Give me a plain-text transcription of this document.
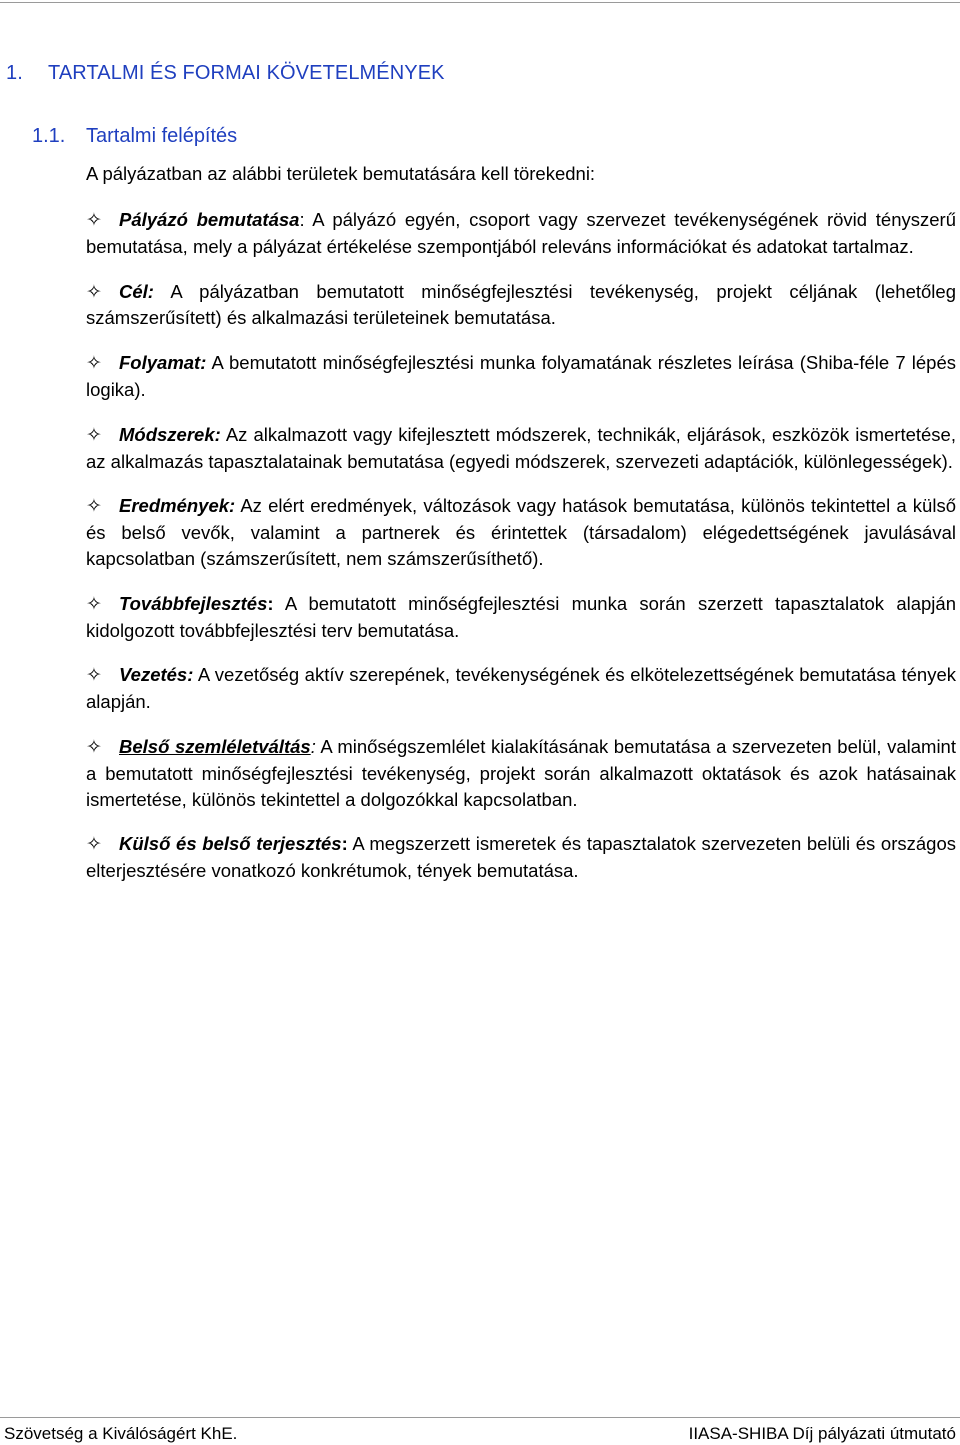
1. TARTALMI ÉS FORMAI KÖVETELMÉNYEK
1.1. Tartalmi felépítés
A pályázatban az alábbi területek bemutatására kell törekedni:
✧ Pályázó bemutatása: A pályázó egyén, csoport vagy szervezet tevékenységének rövid tényszerű bemutatása, mely a pályázat értékelése szempontjából releváns információkat és adatokat tartalmaz.
✧ Cél: A pályázatban bemutatott minőségfejlesztési tevékenység, projekt céljának (lehetőleg számszerűsített) és alkalmazási területeinek bemutatása.
✧ Folyamat: A bemutatott minőségfejlesztési munka folyamatának részletes leírása (Shiba-féle 7 lépés logika).
✧ Módszerek: Az alkalmazott vagy kifejlesztett módszerek, technikák, eljárások, eszközök ismertetése, az alkalmazás tapasztalatainak bemutatása (egyedi módszerek, szervezeti adaptációk, különlegességek).
✧ Eredmények: Az elért eredmények, változások vagy hatások bemutatása, különös tekintettel a külső és belső vevők, valamint a partnerek és érintettek (társadalom) elégedettségének javulásával kapcsolatban (számszerűsített, nem számszerűsíthető).
✧ Továbbfejlesztés: A bemutatott minőségfejlesztési munka során szerzett tapasztalatok alapján kidolgozott továbbfejlesztési terv bemutatása.
✧ Vezetés: A vezetőség aktív szerepének, tevékenységének és elkötelezettségének bemutatása tények alapján.
✧ Belső szemléletváltás: A minőségszemlélet kialakításának bemutatása a szervezeten belül, valamint a bemutatott minőségfejlesztési tevékenység, projekt során alkalmazott oktatások és azok hatásainak ismertetése, különös tekintettel a dolgozókkal kapcsolatban.
✧ Külső és belső terjesztés: A megszerzett ismeretek és tapasztalatok szervezeten belüli és országos elterjesztésére vonatkozó konkrétumok, tények bemutatása.
Szövetség a Kiválóságért KhE.	IIASA-SHIBA Díj pályázati útmutató
